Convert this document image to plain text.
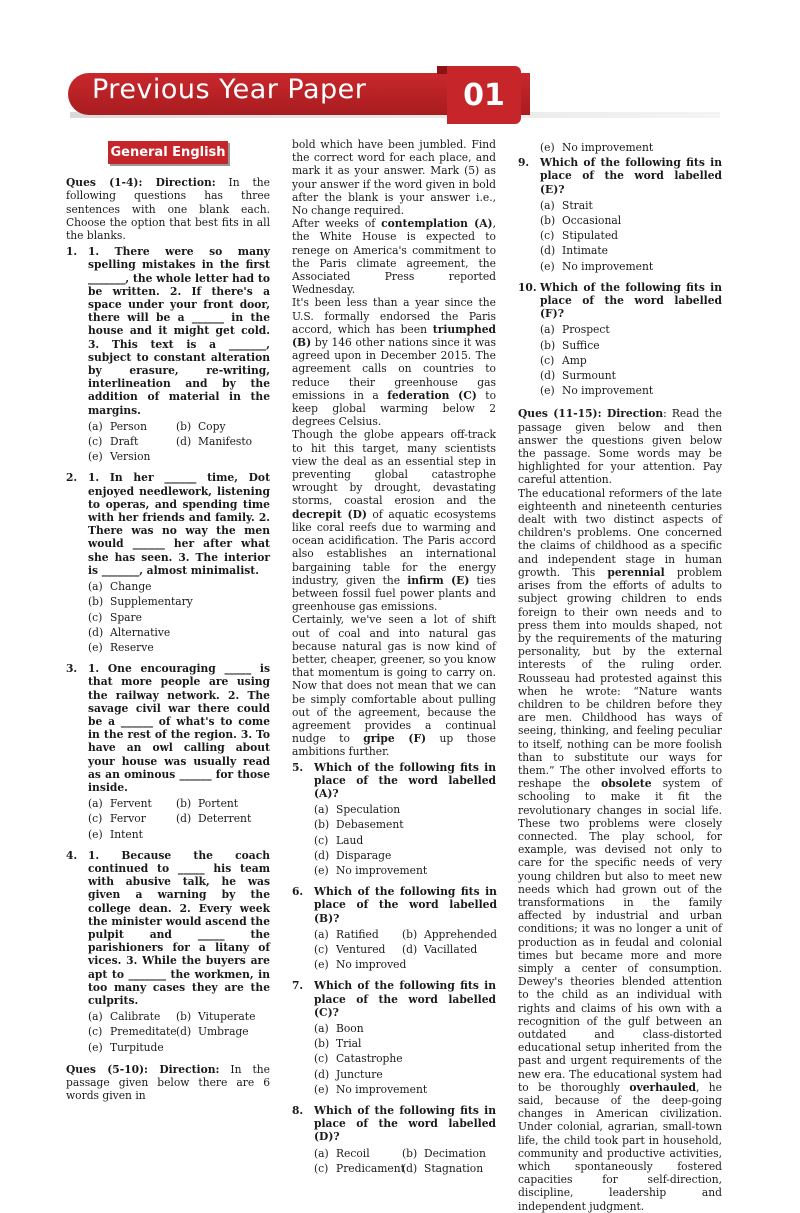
Previous Year Paper	01
General English

Ques (1-4): Direction: In the following questions has three sentences with one blank each. Choose the option that best fits in all the blanks.

1.	1. There were so many spelling mistakes in the first _______, the whole letter had to be written. 2. If there's a space under your front door, there will be a ______ in the house and it might get cold. 3. This text is a _______, subject to constant alteration by erasure, re-writing, interlineation and by the addition of material in the margins.
(a) Person	(b) Copy
(c) Draft	(d) Manifesto
(e) Version
2.	1. In her ______ time, Dot enjoyed needlework, listening to operas, and spending time with her friends and family. 2. There was no way the men would ______ her after what she has seen. 3. The interior is _______, almost minimalist.
(a) Change
(b) Supplementary
(c) Spare
(d) Alternative
(e) Reserve
3.	1. One encouraging _____ is that more people are using the railway network. 2. The savage civil war there could be a ______ of what's to come in the rest of the region. 3. To have an owl calling about your house was usually read as an ominous ______ for those inside.
(a) Fervent	(b) Portent
(c) Fervor	(d) Deterrent
(e) Intent
4.	1. Because the coach continued to _____ his team with abusive talk, he was given a warning by the college dean. 2. Every week the minister would ascend the pulpit and _____ the parishioners for a litany of vices. 3. While the buyers are apt to _______ the workmen, in too many cases they are the culprits.
(a) Calibrate	(b) Vituperate
(c) Premeditate (d) Umbrage
(e) Turpitude

Ques (5-10): Direction: In the passage given below there are 6 words given in

bold which have been jumbled. Find the correct word for each place, and mark it as your answer. Mark (5) as your answer if the word given in bold after the blank is your answer i.e., No change required.

After weeks of contemplation (A), the White House is expected to renege on America's commitment to the Paris climate agreement, the Associated Press reported Wednesday.

It's been less than a year since the U.S. formally endorsed the Paris accord, which has been triumphed (B) by 146 other nations since it was agreed upon in December 2015. The agreement calls on countries to reduce their greenhouse gas emissions in a federation (C) to keep global warming below 2 degrees Celsius.

Though the globe appears off-track to hit this target, many scientists view the deal as an essential step in preventing global catastrophe wrought by drought, devastating storms, coastal erosion and the decrepit (D) of aquatic ecosystems like coral reefs due to warming and ocean acidification. The Paris accord also establishes an international bargaining table for the energy industry, given the infirm (E) ties between fossil fuel power plants and greenhouse gas emissions.

Certainly, we've seen a lot of shift out of coal and into natural gas because natural gas is now kind of better, cheaper, greener, so you know that momentum is going to carry on. Now that does not mean that we can be simply comfortable about pulling out of the agreement, because the agreement provides a continual nudge to gripe (F) up those ambitions further.

5.	Which of the following fits in place of the word labelled (A)?
(a) Speculation
(b) Debasement
(c) Laud
(d) Disparage
(e) No improvement
6.	Which of the following fits in place of the word labelled (B)?
(a) Ratified	(b) Apprehended
(c) Ventured	(d) Vacillated
(e) No improved
7.	Which of the following fits in place of the word labelled (C)?
(a) Boon
(b) Trial
(c) Catastrophe
(d) Juncture
(e) No improvement
8.	Which of the following fits in place of the word labelled (D)?
(a) Recoil	(b) Decimation
(c) Predicament
(d) Stagnation
(e) No improvement
9.	Which of the following fits in place of the word labelled (E)?
(a) Strait
(b) Occasional
(c) Stipulated
(d) Intimate
(e) No improvement
10. Which of the following fits in place of the word labelled (F)?
(a) Prospect
(b) Suffice
(c) Amp
(d) Surmount
(e) No improvement

Ques (11-15): Direction: Read the passage given below and then answer the questions given below the passage. Some words may be highlighted for your attention. Pay careful attention.

The educational reformers of the late eighteenth and nineteenth centuries dealt with two distinct aspects of children's problems. One concerned the claims of childhood as a specific and independent stage in human growth. This perennial problem arises from the efforts of adults to subject growing children to ends foreign to their own needs and to press them into moulds shaped, not by the requirements of the maturing personality, but by the external interests of the ruling order. Rousseau had protested against this when he wrote: “Nature wants children to be children before they are men. Childhood has ways of seeing, thinking, and feeling peculiar to itself, nothing can be more foolish than to substitute our ways for them.” The other involved efforts to reshape the obsolete system of schooling to make it fit the revolutionary changes in social life. These two problems were closely connected. The play school, for example, was devised not only to care for the specific needs of very young children but also to meet new needs which had grown out of the transformations in the family affected by industrial and urban conditions; it was no longer a unit of production as in feudal and colonial times but became more and more simply a center of consumption. Dewey's theories blended attention to the child as an individual with rights and claims of his own with a recognition of the gulf between an outdated and class-distorted educational setup inherited from the past and urgent requirements of the new era. The educational system had to be thoroughly overhauled, he said, because of the deep-going changes in American civilization. Under colonial, agrarian, small-town life, the child took part in household, community and productive activities, which spontaneously fostered capacities for self-direction, discipline, leadership and independent judgment.
